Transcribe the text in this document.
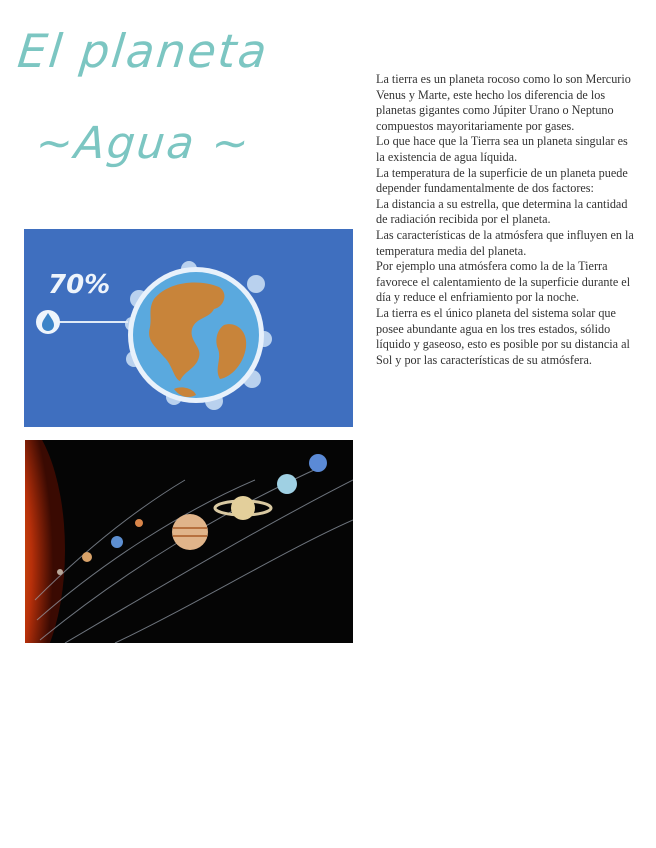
El planeta
~Agua ~
70%

La tierra es un planeta rocoso como lo son Mercurio Venus y Marte, este hecho los diferencia de los planetas gigantes como Júpiter Urano o Neptuno compuestos mayoritariamente por gases.

Lo que hace que la Tierra sea un planeta singular es la existencia de agua líquida.

La temperatura de la superficie de un planeta puede depender fundamentalmente de dos factores:

La distancia a su estrella, que determina la cantidad de radiación recibida por el planeta.

Las características de la atmósfera que influyen en la temperatura media del planeta.

Por ejemplo una atmósfera como la de la Tierra favorece el calentamiento de la superficie durante el día y reduce el enfriamiento por la noche.

La tierra es el único planeta del sistema solar que posee abundante agua en los tres estados, sólido líquido y gaseoso, esto es posible por su distancia al Sol y por las características de su atmósfera.
